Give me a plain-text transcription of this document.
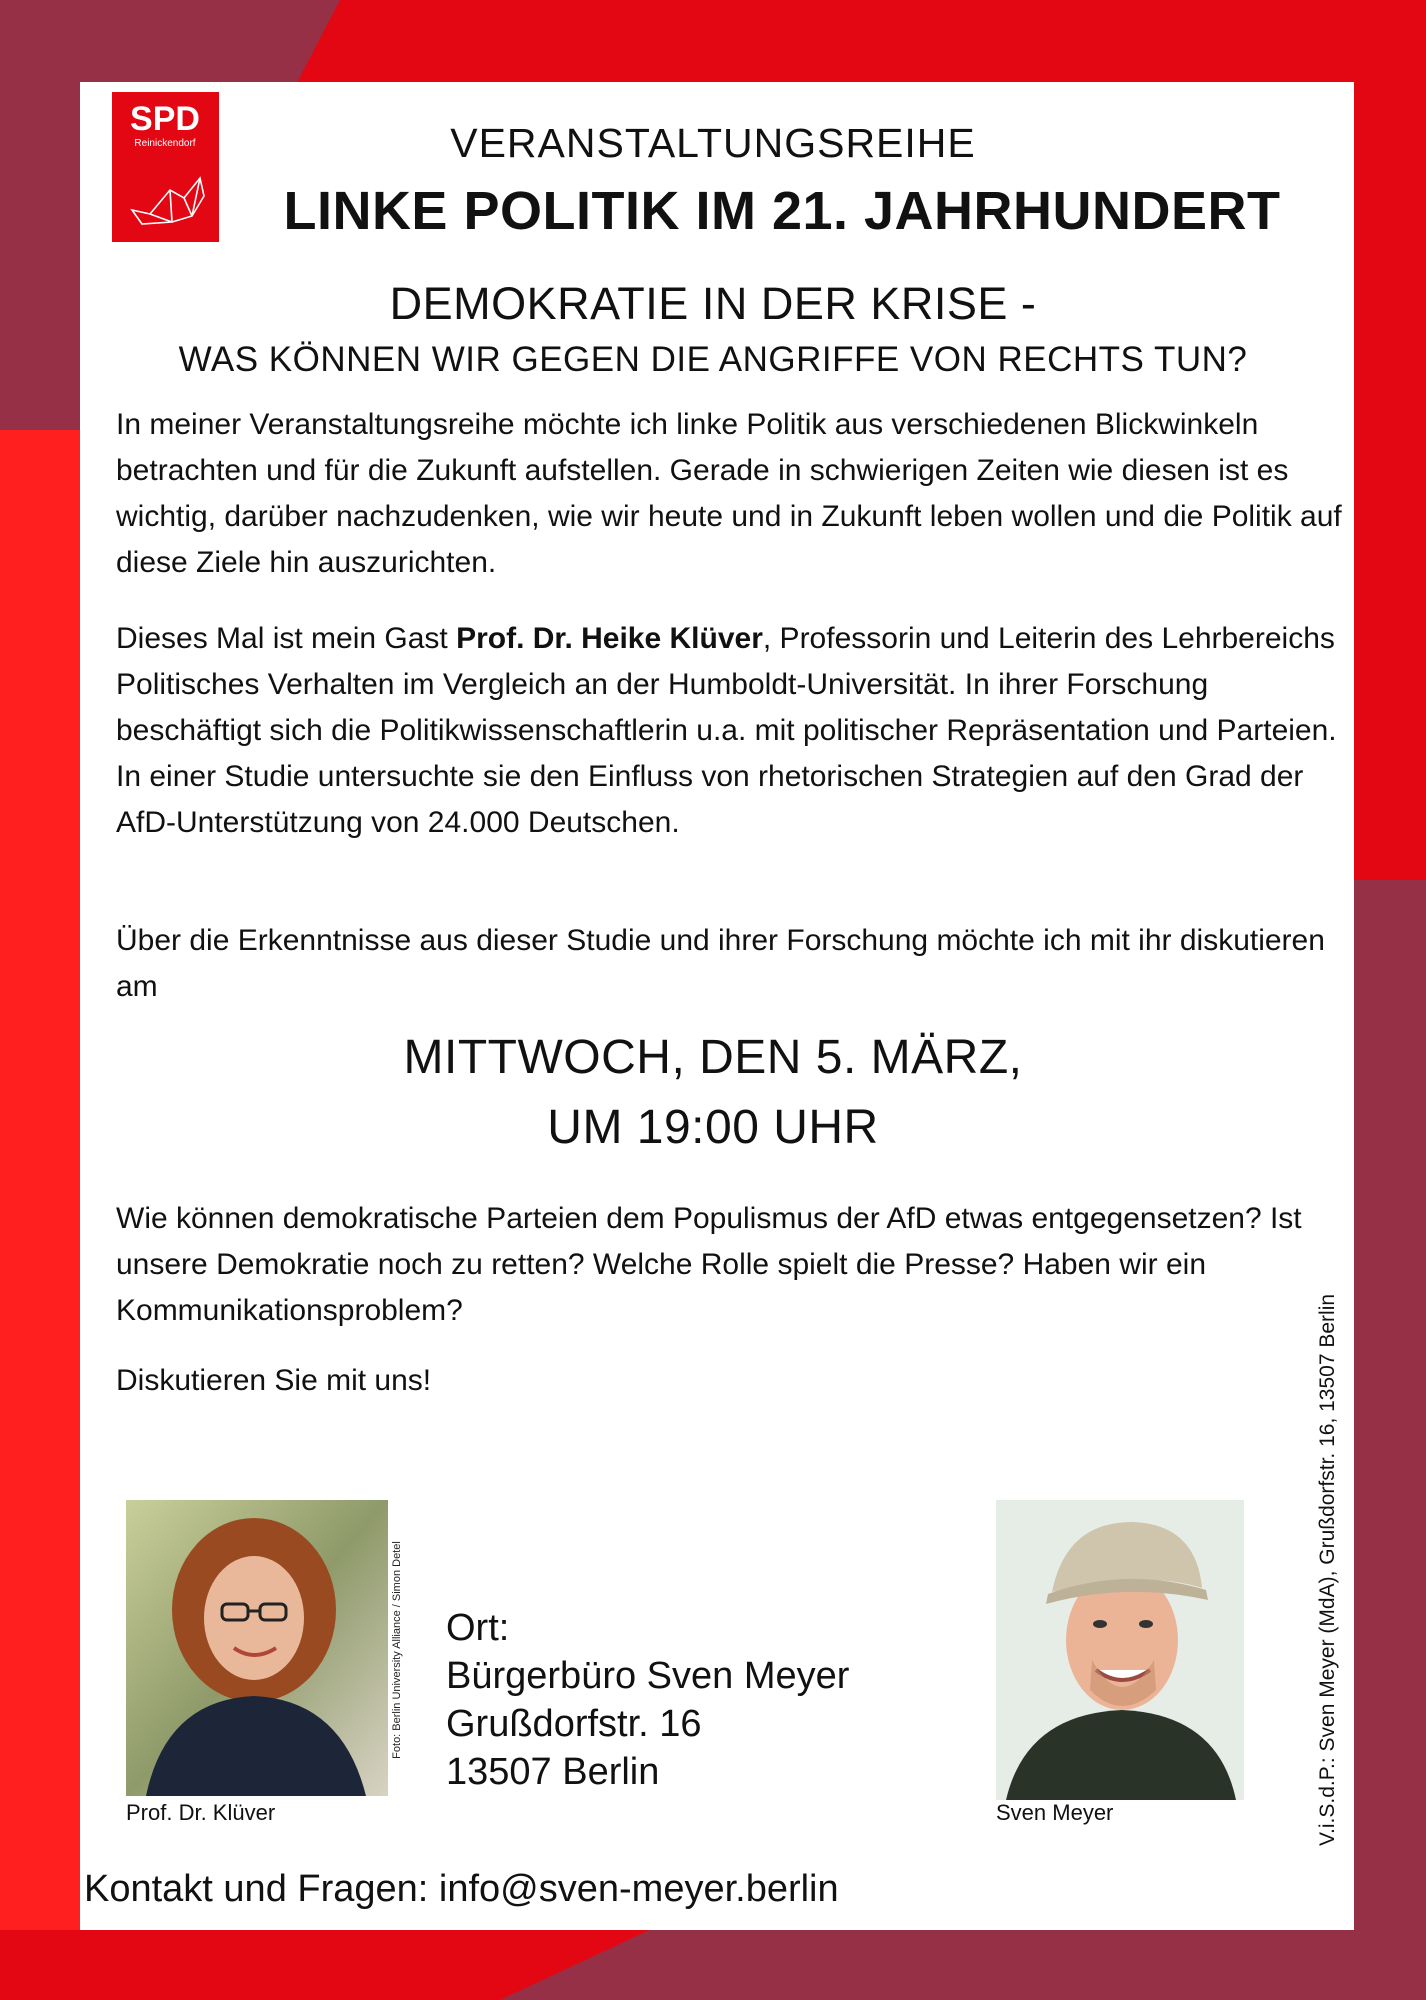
SPD
Reinickendorf	VERANSTALTUNGSREIHE
LINKE POLITIK IM 21. JAHRHUNDERT
DEMOKRATIE IN DER KRISE -
WAS KÖNNEN WIR GEGEN DIE ANGRIFFE VON RECHTS TUN?
In meiner Veranstaltungsreihe möchte ich linke Politik aus verschiedenen Blickwinkeln betrachten und für die Zukunft aufstellen. Gerade in schwierigen Zeiten wie diesen ist es wichtig, darüber nachzudenken, wie wir heute und in Zukunft leben wollen und die Politik auf diese Ziele hin auszurichten.
Dieses Mal ist mein Gast Prof. Dr. Heike Klüver, Professorin und Leiterin des Lehrbereichs Politisches Verhalten im Vergleich an der Humboldt-Universität. In ihrer Forschung beschäftigt sich die Politikwissenschaftlerin u.a. mit politischer Repräsentation und Parteien. In einer Studie untersuchte sie den Einfluss von rhetorischen Strategien auf den Grad der AfD-Unterstützung von 24.000 Deutschen.
Über die Erkenntnisse aus dieser Studie und ihrer Forschung möchte ich mit ihr diskutieren am
MITTWOCH, DEN 5. MÄRZ,
UM 19:00 UHR
Wie können demokratische Parteien dem Populismus der AfD etwas entgegensetzen? Ist unsere Demokratie noch zu retten? Welche Rolle spielt die Presse? Haben wir ein Kommunikationsproblem?
Diskutieren Sie mit uns!
Foto: Berlin University Alliance / Simon Detel
Prof. Dr. Klüver
Ort:
Bürgerbüro Sven Meyer
Grußdorfstr. 16
13507 Berlin
Sven Meyer
Kontakt und Fragen: info@sven-meyer.berlin
V.i.S.d.P.: Sven Meyer (MdA), Grußdorfstr. 16, 13507 Berlin
